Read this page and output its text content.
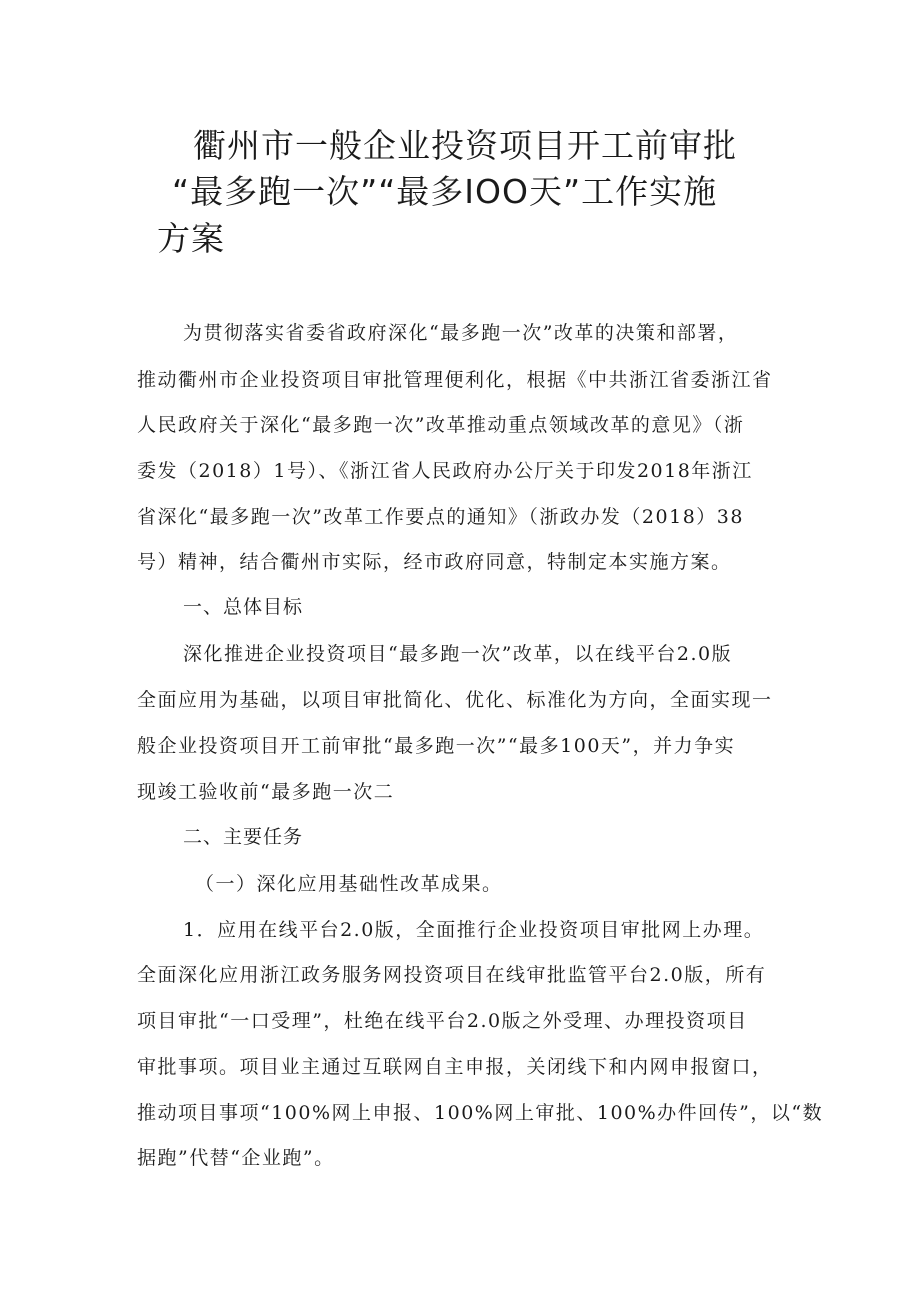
衢州市一般企业投资项目开工前审批
“最多跑一次”“最多IOO天”工作实施
方案
为贯彻落实省委省政府深化“最多跑一次”改革的决策和部署，
推动衢州市企业投资项目审批管理便利化，根据《中共浙江省委浙江省
人民政府关于深化“最多跑一次”改革推动重点领域改革的意见》（浙
委发（2018）1号）、《浙江省人民政府办公厅关于印发2018年浙江
省深化“最多跑一次”改革工作要点的通知》（浙政办发（2018）38
号）精神，结合衢州市实际，经市政府同意，特制定本实施方案。
一、总体目标
深化推进企业投资项目“最多跑一次”改革，以在线平台2.0版
全面应用为基础，以项目审批简化、优化、标准化为方向，全面实现一
般企业投资项目开工前审批“最多跑一次”“最多100天”，并力争实
现竣工验收前“最多跑一次二
二、主要任务
（一）深化应用基础性改革成果。
1．应用在线平台2.0版，全面推行企业投资项目审批网上办理。
全面深化应用浙江政务服务网投资项目在线审批监管平台2.0版，所有
项目审批“一口受理”，杜绝在线平台2.0版之外受理、办理投资项目
审批事项。项目业主通过互联网自主申报，关闭线下和内网申报窗口，
推动项目事项“100%网上申报、100%网上审批、100%办件回传”，以“数
据跑”代替“企业跑”。
